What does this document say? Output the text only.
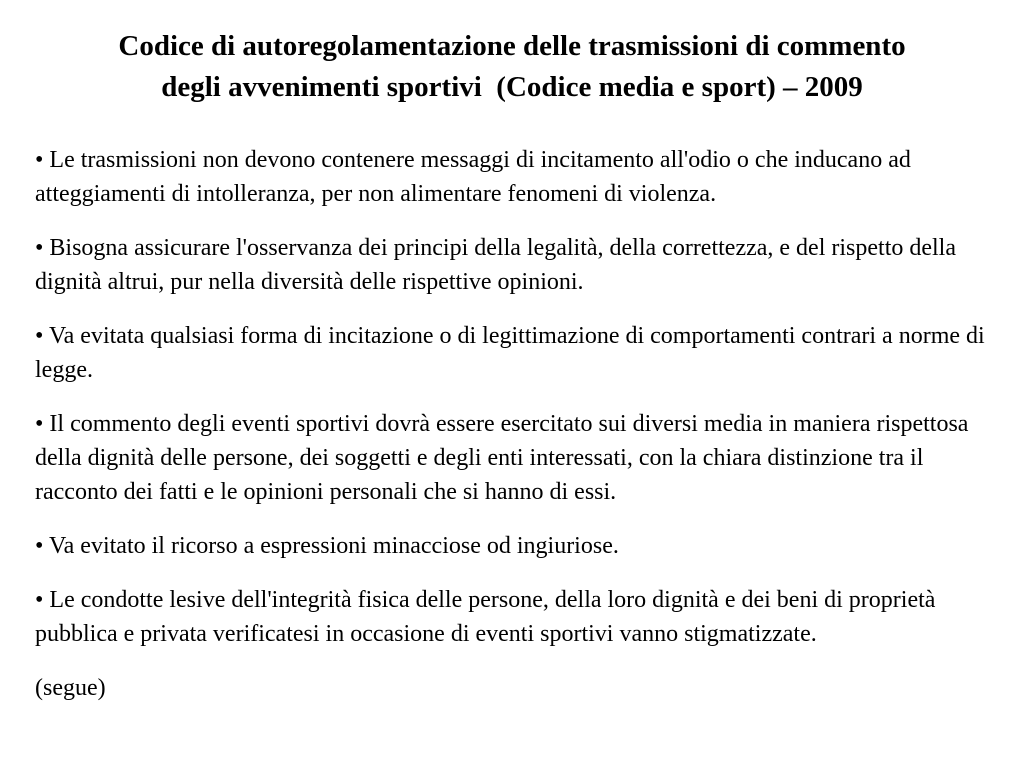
Codice di autoregolamentazione delle trasmissioni di commento
degli avvenimenti sportivi  (Codice media e sport) – 2009

• Le trasmissioni non devono contenere messaggi di incitamento all'odio o che inducano ad atteggiamenti di intolleranza, per non alimentare fenomeni di violenza.

• Bisogna assicurare l'osservanza dei principi della legalità, della correttezza, e del rispetto della dignità altrui, pur nella diversità delle rispettive opinioni.

• Va evitata qualsiasi forma di incitazione o di legittimazione di comportamenti contrari a norme di legge.

• Il commento degli eventi sportivi dovrà essere esercitato sui diversi media in maniera rispettosa della dignità delle persone, dei soggetti e degli enti interessati, con la chiara distinzione tra il racconto dei fatti e le opinioni personali che si hanno di essi.

• Va evitato il ricorso a espressioni minacciose od ingiuriose.

• Le condotte lesive dell'integrità fisica delle persone, della loro dignità e dei beni di proprietà pubblica e privata verificatesi in occasione di eventi sportivi vanno stigmatizzate.

(segue)
